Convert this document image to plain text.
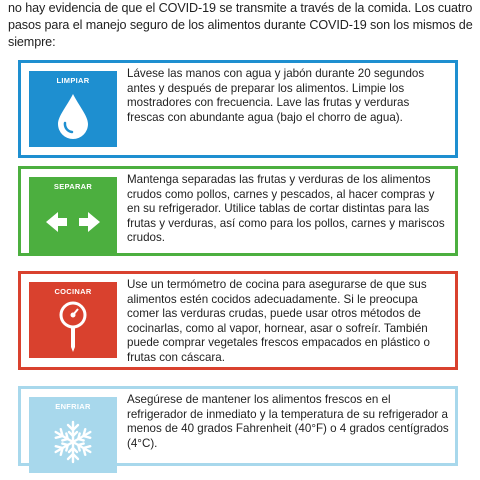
no hay evidencia de que el COVID-19 se transmite a través de la comida. Los cuatro pasos para el manejo seguro de los alimentos durante COVID-19 son los mismos de siempre:
LIMPIAR
Lávese las manos con agua y jabón durante 20 segundos antes y después de preparar los alimentos. Limpie los mostradores con frecuencia. Lave las frutas y verduras frescas con abundante agua (bajo el chorro de agua).
SEPARAR
Mantenga separadas las frutas y verduras de los alimentos crudos como pollos, carnes y pescados, al hacer compras y en su refrigerador. Utilice tablas de cortar distintas para las frutas y verduras, así como para los pollos, carnes y mariscos crudos.
COCINAR
Use un termómetro de cocina para asegurarse de que sus alimentos estén cocidos adecuadamente. Si le preocupa comer las verduras crudas, puede usar otros métodos de cocinarlas, como al vapor, hornear, asar o sofreír. También puede comprar vegetales frescos empacados en plástico o frutas con cáscara.
ENFRIAR
Asegúrese de mantener los alimentos frescos en el refrigerador de inmediato y la temperatura de su refrigerador a menos de 40 grados Fahrenheit (40°F) o 4 grados centígrados (4°C).
